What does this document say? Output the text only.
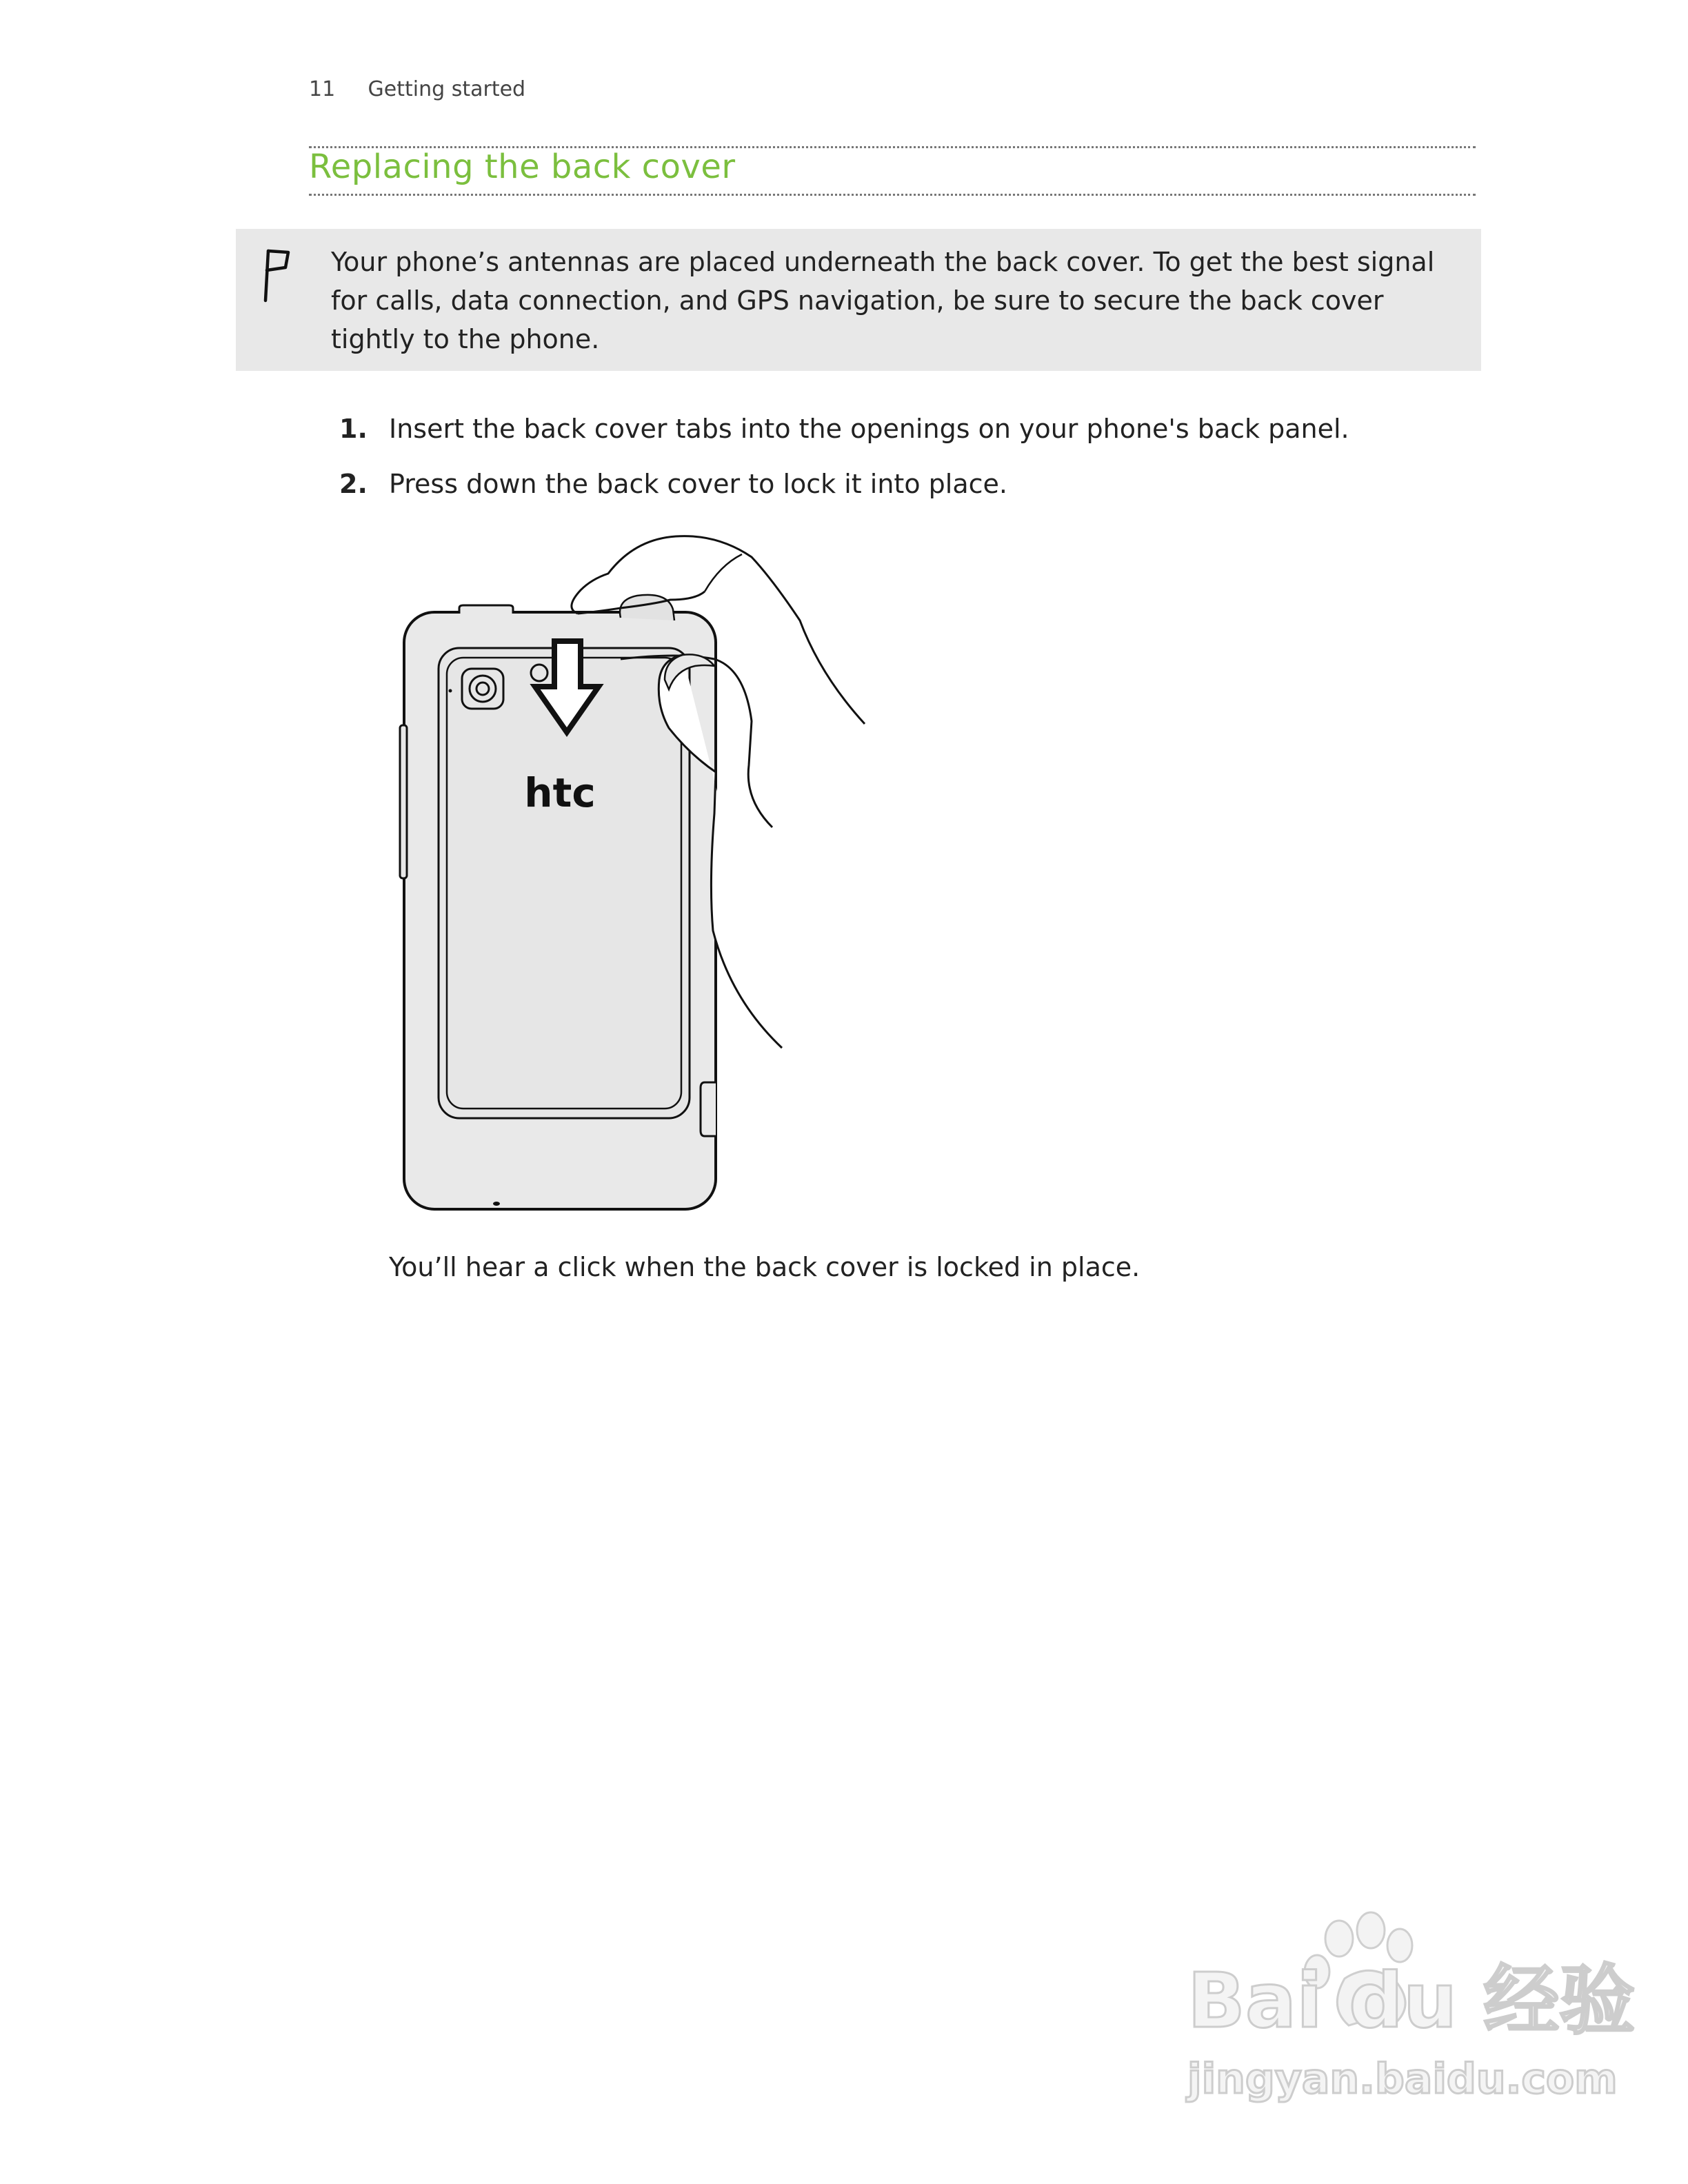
11 Getting started
Replacing the back cover
Your phone’s antennas are placed underneath the back cover. To get the best signal for calls, data connection, and GPS navigation, be sure to secure the back cover tightly to the phone.
1. Insert the back cover tabs into the openings on your phone's back panel.
2. Press down the back cover to lock it into place.
htc
You’ll hear a click when the back cover is locked in place.
Bai du 经验
jingyan.baidu.com
